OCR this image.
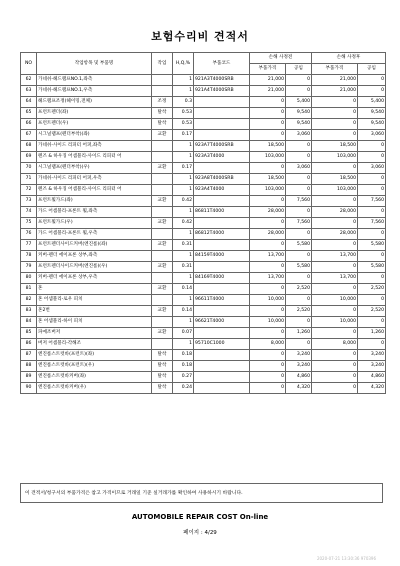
보험수리비 견적서
NO	작업항목 및 부품명	작업	H,Q,%	부품코드	손해 사정전		손해 사정후	
					부품가격	공임	부품가격	공임
62	가네쉬-헤드램프NO.1,좌측		1	921A3T4000SRB	21,000	0	21,000	0
63	가네쉬-헤드램프NO.1,우측		1	921A4T4000SRB	21,000	0	21,000	0
64	헤드램프조정(헤이밍,전체)	조정	0.3		0	5,400	0	5,400
65	프런트펜더(좌)	탈착	0.53		0	9,540	0	9,540
66	프런트펜더(우)	탈착	0.53		0	9,540	0	9,540
67	시그널램프(펜더부착)(좌)	교환	0.17		0	3,060	0	3,060
68	가네쉬-사이드 리피터 어퍼,좌측		1	923A7T4000SRB	18,500	0	18,500	0
69	렌즈 & 하우징 어셈블리-사이드 리피터 어		1	923A3T4000	103,000	0	103,000	0
70	시그널램프(펜더부착)(우)	교환	0.17		0	3,060	0	3,060
71	가네쉬-사이드 리피터 어퍼,우측		1	923A8T4000SRB	18,500	0	18,500	0
72	렌즈 & 하우징 어셈블리-사이드 리피터 어		1	923A4T4000	103,000	0	103,000	0
73	프런트휠가드(좌)	교환	0.42		0	7,560	0	7,560
74	가드 어셈블리-프론트 휠,좌측		1	86811T4000	28,000	0	28,000	0
75	프런트휠가드(우)	교환	0.42		0	7,560	0	7,560
76	가드 어셈블리-프론트 휠,우측		1	86812T4000	28,000	0	28,000	0
77	프런트펜더사이드커버(엔진룸)(좌)	교환	0.31		0	5,580	0	5,580
78	커버-펜더 에이프론 상부,좌측		1	84159T4000	13,700	0	13,700	0
79	프런트펜더사이드커버(엔진룸)(우)	교환	0.31		0	5,580	0	5,580
80	커버-펜더 에이프론 상부,우측		1	84169T4000	13,700	0	13,700	0
81	혼	교환	0.14		0	2,520	0	2,520
82	혼 어셈블리-로우 피치		1	96611T4000	10,000	0	10,000	0
83	혼2번	교환	0.14		0	2,520	0	2,520
84	혼 어셈블리-하이 피치		1	96621T4000	10,000	0	10,000	0
85	파예조버저	교환	0.07		0	1,260	0	1,260
86	버저 어셈블리-각해조		1	95710C1000	8,000	0	8,000	0
87	엔진룸스트럿바(프런트)(좌)	탈착	0.18		0	3,240	0	3,240
88	엔진룸스트럿바(프런트)(우)	탈착	0.18		0	3,240	0	3,240
89	엔진룸스트럿바커버(좌)	탈착	0.27		0	4,860	0	4,860
90	엔진룸스트럿바커버(우)	탈착	0.24		0	4,320	0	4,320
이 견적서/청구서의 부품가격은 참고 가격이므로 거래일 기준 실거래가를 확인하여 사용하시기 바랍니다.
AUTOMOBILE REPAIR COST On-line
페이지 : 4/29
2020-07-21 13:30:36 970396
